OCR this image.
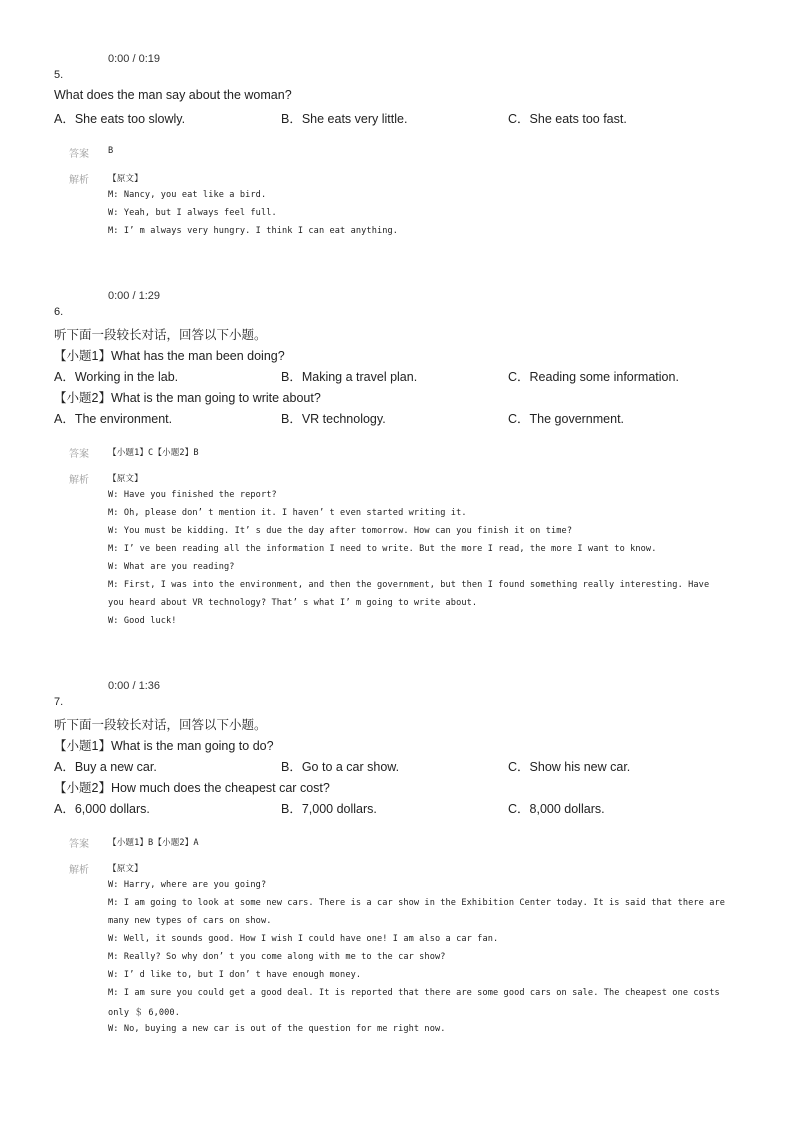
0:00 / 0:19
5.
What does the man say about the woman?
A．She eats too slowly.	B．She eats very little.	C．She eats too fast.
答案 B
解析 【原文】
M: Nancy, you eat like a bird.
W: Yeah, but I always feel full.
M: I’ m always very hungry. I think I can eat anything.
0:00 / 1:29
6.
听下面一段较长对话，回答以下小题。
【小题1】What has the man been doing?
A．Working in the lab.	B．Making a travel plan.	C．Reading some information.
【小题2】What is the man going to write about?
A．The environment.	B．VR technology.	C．The government.
答案 【小题1】C【小题2】B
解析 【原文】
W: Have you finished the report?
M: Oh, please don’ t mention it. I haven’ t even started writing it.
W: You must be kidding. It’ s due the day after tomorrow. How can you finish it on time?
M: I’ ve been reading all the information I need to write. But the more I read, the more I want to know.
W: What are you reading?
M: First, I was into the environment, and then the government, but then I found something really interesting. Have
you heard about VR technology? That’ s what I’ m going to write about.
W: Good luck!
0:00 / 1:36
7.
听下面一段较长对话，回答以下小题。
【小题1】What is the man going to do?
A．Buy a new car.	B．Go to a car show.	C．Show his new car.
【小题2】How much does the cheapest car cost?
A．6,000 dollars.	B．7,000 dollars.	C．8,000 dollars.
答案 【小题1】B【小题2】A
解析 【原文】
W: Harry, where are you going?
M: I am going to look at some new cars. There is a car show in the Exhibition Center today. It is said that there are
many new types of cars on show.
W: Well, it sounds good. How I wish I could have one! I am also a car fan.
M: Really? So why don’ t you come along with me to the car show?
W: I’ d like to, but I don’ t have enough money.
M: I am sure you could get a good deal. It is reported that there are some good cars on sale. The cheapest one costs
only ＄ 6,000.
W: No, buying a new car is out of the question for me right now.
